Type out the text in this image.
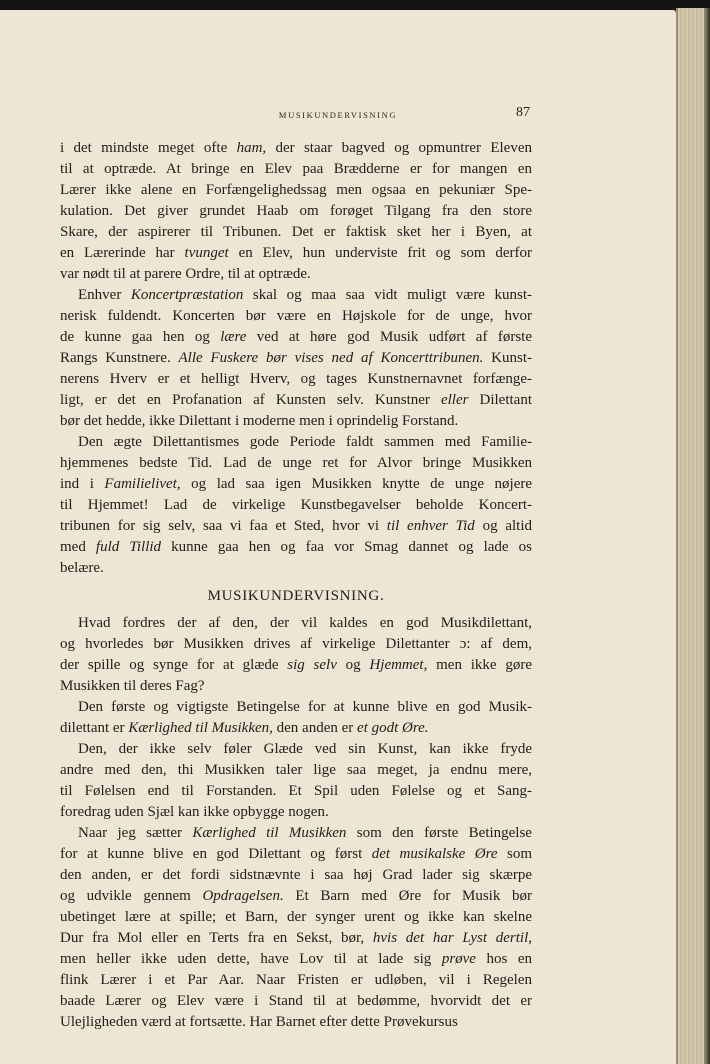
MUSIKUNDERVISNING	87
i det mindste meget ofte ham, der staar bagved og opmuntrer Eleven
til at optræde. At bringe en Elev paa Brædderne er for mangen en
Lærer ikke alene en Forfængelighedssag men ogsaa en pekuniær Spe-
kulation. Det giver grundet Haab om forøget Tilgang fra den store
Skare, der aspirerer til Tribunen. Det er faktisk sket her i Byen, at
en Lærerinde har tvunget en Elev, hun underviste frit og som derfor
var nødt til at parere Ordre, til at optræde.
Enhver Koncertpræstation skal og maa saa vidt muligt være kunst-
nerisk fuldendt. Koncerten bør være en Højskole for de unge, hvor
de kunne gaa hen og lære ved at høre god Musik udført af første
Rangs Kunstnere. Alle Fuskere bør vises ned af Koncerttribunen. Kunst-
nerens Hverv er et helligt Hverv, og tages Kunstnernavnet forfænge-
ligt, er det en Profanation af Kunsten selv. Kunstner eller Dilettant
bør det hedde, ikke Dilettant i moderne men i oprindelig Forstand.
Den ægte Dilettantismes gode Periode faldt sammen med Familie-
hjemmenes bedste Tid. Lad de unge ret for Alvor bringe Musikken
ind i Familielivet, og lad saa igen Musikken knytte de unge nøjere
til Hjemmet! Lad de virkelige Kunstbegavelser beholde Koncert-
tribunen for sig selv, saa vi faa et Sted, hvor vi til enhver Tid og altid
med fuld Tillid kunne gaa hen og faa vor Smag dannet og lade os
belære.
MUSIKUNDERVISNING.
Hvad fordres der af den, der vil kaldes en god Musikdilettant,
og hvorledes bør Musikken drives af virkelige Dilettanter ɔ: af dem,
der spille og synge for at glæde sig selv og Hjemmet, men ikke gøre
Musikken til deres Fag?
Den første og vigtigste Betingelse for at kunne blive en god Musik-
dilettant er Kærlighed til Musikken, den anden er et godt Øre.
Den, der ikke selv føler Glæde ved sin Kunst, kan ikke fryde
andre med den, thi Musikken taler lige saa meget, ja endnu mere,
til Følelsen end til Forstanden. Et Spil uden Følelse og et Sang-
foredrag uden Sjæl kan ikke opbygge nogen.
Naar jeg sætter Kærlighed til Musikken som den første Betingelse
for at kunne blive en god Dilettant og først det musikalske Øre som
den anden, er det fordi sidstnævnte i saa høj Grad lader sig skærpe
og udvikle gennem Opdragelsen. Et Barn med Øre for Musik bør
ubetinget lære at spille; et Barn, der synger urent og ikke kan skelne
Dur fra Mol eller en Terts fra en Sekst, bør, hvis det har Lyst dertil,
men heller ikke uden dette, have Lov til at lade sig prøve hos en
flink Lærer i et Par Aar. Naar Fristen er udløben, vil i Regelen
baade Lærer og Elev være i Stand til at bedømme, hvorvidt det er
Ulejligheden værd at fortsætte. Har Barnet efter dette Prøvekursus
